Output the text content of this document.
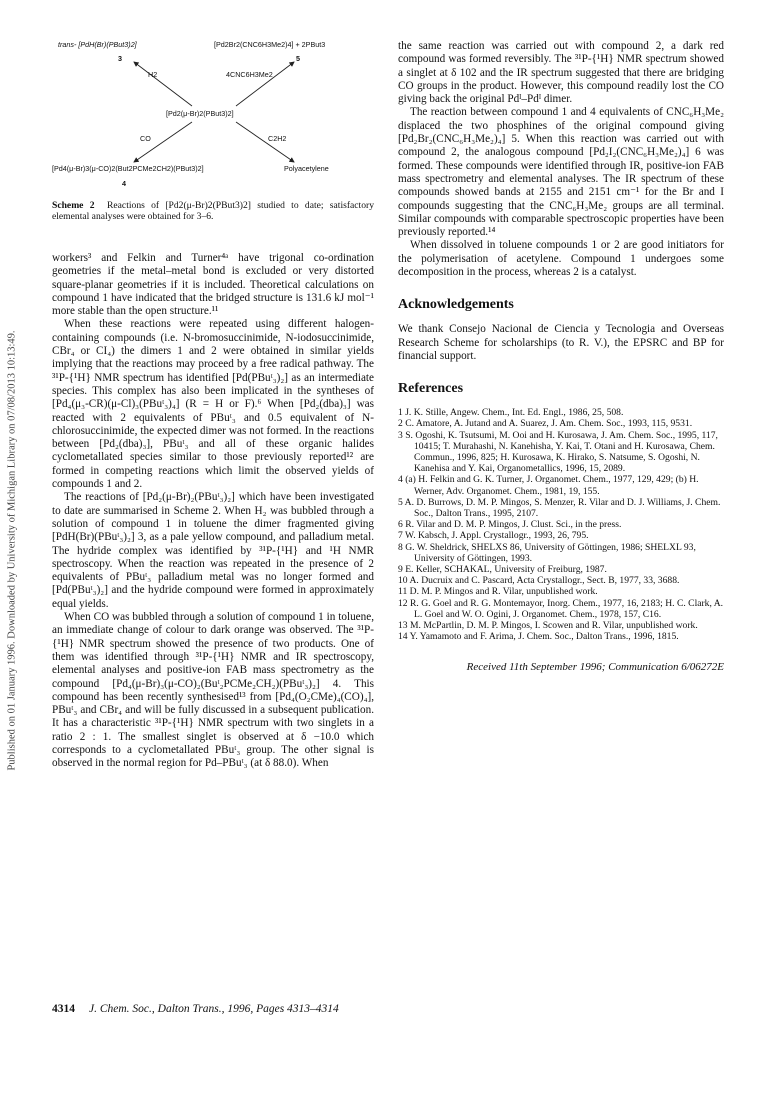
Published on 01 January 1996. Downloaded by University of Michigan Library on 07/08/2013 10:13:49.
trans- [PdH(Br)(PBut3)2]
3
[Pd2Br2(CNC6H3Me2)4] + 2PBut3
5
H2	4CNC6H3Me2
[Pd2(μ-Br)2(PBut3)2]
CO	C2H2
[Pd4(μ-Br)3(μ-CO)2(But2PCMe2CH2)(PBut3)2]
4
Polyacetylene
Scheme 2 Reactions of [Pd2(μ-Br)2(PBut3)2] studied to date; satisfactory elemental analyses were obtained for 3–6.

workers³ and Felkin and Turner⁴ᵃ have trigonal co-ordination geometries if the metal–metal bond is excluded or very distorted square-planar geometries if it is included. Theoretical calculations on compound 1 have indicated that the bridged structure is 131.6 kJ mol⁻¹ more stable than the open structure.¹¹

When these reactions were repeated using different halogen-containing compounds (i.e. N-bromosuccinimide, N-iodosuccinimide, CBr₄ or CI₄) the dimers 1 and 2 were obtained in similar yields implying that the reactions may proceed by a free radical pathway. The ³¹P-{¹H} NMR spectrum has identified [Pd(PBuᵗ₃)₂] as an intermediate species. This complex has also been implicated in the syntheses of [Pd₄(μ₃-CR)(μ-Cl)₃(PBuᵗ₃)₄] (R = H or F).⁶ When [Pd₂(dba)₃] was reacted with 2 equivalents of PBuᵗ₃ and 0.5 equivalent of N-chlorosuccinimide, the expected dimer was not formed. In the reactions between [Pd₂(dba)₃], PBuᵗ₃ and all of these organic halides cyclometallated species similar to those previously reported¹² are formed in competing reactions which limit the observed yields of compounds 1 and 2.

The reactions of [Pd₂(μ-Br)₂(PBuᵗ₃)₂] which have been investigated to date are summarised in Scheme 2. When H₂ was bubbled through a solution of compound 1 in toluene the dimer fragmented giving [PdH(Br)(PBuᵗ₃)₂] 3, as a pale yellow compound, and palladium metal. The hydride complex was identified by ³¹P-{¹H} and ¹H NMR spectroscopy. When the reaction was repeated in the presence of 2 equivalents of PBuᵗ₃ palladium metal was no longer formed and [Pd(PBuᵗ₃)₂] and the hydride compound were formed in approximately equal yields.

When CO was bubbled through a solution of compound 1 in toluene, an immediate change of colour to dark orange was observed. The ³¹P-{¹H} NMR spectrum showed the presence of two products. One of them was identified through ³¹P-{¹H} NMR and IR spectroscopy, elemental analyses and positive-ion FAB mass spectrometry as the compound [Pd₄(μ-Br)₃(μ-CO)₂(Buᵗ₂PCMe₂CH₂)(PBuᵗ₃)₂] 4. This compound has been recently synthesised¹³ from [Pd₄(O₂CMe)₄(CO)₄], PBuᵗ₃ and CBr₄ and will be fully discussed in a subsequent publication. It has a characteristic ³¹P-{¹H} NMR spectrum with two singlets in a ratio 2 : 1. The smallest singlet is observed at δ −10.0 which corresponds to a cyclometallated PBuᵗ₃ group. The other signal is observed in the normal region for Pd–PBuᵗ₃ (at δ 88.0). When

the same reaction was carried out with compound 2, a dark red compound was formed reversibly. The ³¹P-{¹H} NMR spectrum showed a singlet at δ 102 and the IR spectrum suggested that there are bridging CO groups in the product. However, this compound readily lost the CO giving back the original Pdᴵ–Pdᴵ dimer.

The reaction between compound 1 and 4 equivalents of CNC₆H₃Me₂ displaced the two phosphines of the original compound giving [Pd₂Br₂(CNC₆H₃Me₂)₄] 5. When this reaction was carried out with compound 2, the analogous compound [Pd₂I₂(CNC₆H₃Me₂)₄] 6 was formed. These compounds were identified through IR, positive-ion FAB mass spectrometry and elemental analyses. The IR spectrum of these compounds showed bands at 2155 and 2151 cm⁻¹ for the Br and I compounds suggesting that the CNC₆H₃Me₂ groups are all terminal. Similar compounds with comparable spectroscopic properties have been previously reported.¹⁴

When dissolved in toluene compounds 1 or 2 are good initiators for the polymerisation of acetylene. Compound 1 undergoes some decomposition in the process, whereas 2 is a catalyst.

Acknowledgements

We thank Consejo Nacional de Ciencia y Tecnologia and Overseas Research Scheme for scholarships (to R. V.), the EPSRC and BP for financial support.

References

1 J. K. Stille, Angew. Chem., Int. Ed. Engl., 1986, 25, 508.

2 C. Amatore, A. Jutand and A. Suarez, J. Am. Chem. Soc., 1993, 115, 9531.

3 S. Ogoshi, K. Tsutsumi, M. Ooi and H. Kurosawa, J. Am. Chem. Soc., 1995, 117, 10415; T. Murahashi, N. Kanehisha, Y. Kai, T. Otani and H. Kurosawa, Chem. Commun., 1996, 825; H. Kurosawa, K. Hirako, S. Natsume, S. Ogoshi, N. Kanehisa and Y. Kai, Organometallics, 1996, 15, 2089.

4 (a) H. Felkin and G. K. Turner, J. Organomet. Chem., 1977, 129, 429; (b) H. Werner, Adv. Organomet. Chem., 1981, 19, 155.

5 A. D. Burrows, D. M. P. Mingos, S. Menzer, R. Vilar and D. J. Williams, J. Chem. Soc., Dalton Trans., 1995, 2107.

6 R. Vilar and D. M. P. Mingos, J. Clust. Sci., in the press.

7 W. Kabsch, J. Appl. Crystallogr., 1993, 26, 795.

8 G. W. Sheldrick, SHELXS 86, University of Göttingen, 1986; SHELXL 93, University of Göttingen, 1993.

9 E. Keller, SCHAKAL, University of Freiburg, 1987.

10 A. Ducruix and C. Pascard, Acta Crystallogr., Sect. B, 1977, 33, 3688.

11 D. M. P. Mingos and R. Vilar, unpublished work.

12 R. G. Goel and R. G. Montemayor, Inorg. Chem., 1977, 16, 2183; H. C. Clark, A. L. Goel and W. O. Ogini, J. Organomet. Chem., 1978, 157, C16.

13 M. McPartlin, D. M. P. Mingos, I. Scowen and R. Vilar, unpublished work.

14 Y. Yamamoto and F. Arima, J. Chem. Soc., Dalton Trans., 1996, 1815.

Received 11th September 1996; Communication 6/06272E
4314 J. Chem. Soc., Dalton Trans., 1996, Pages 4313–4314
